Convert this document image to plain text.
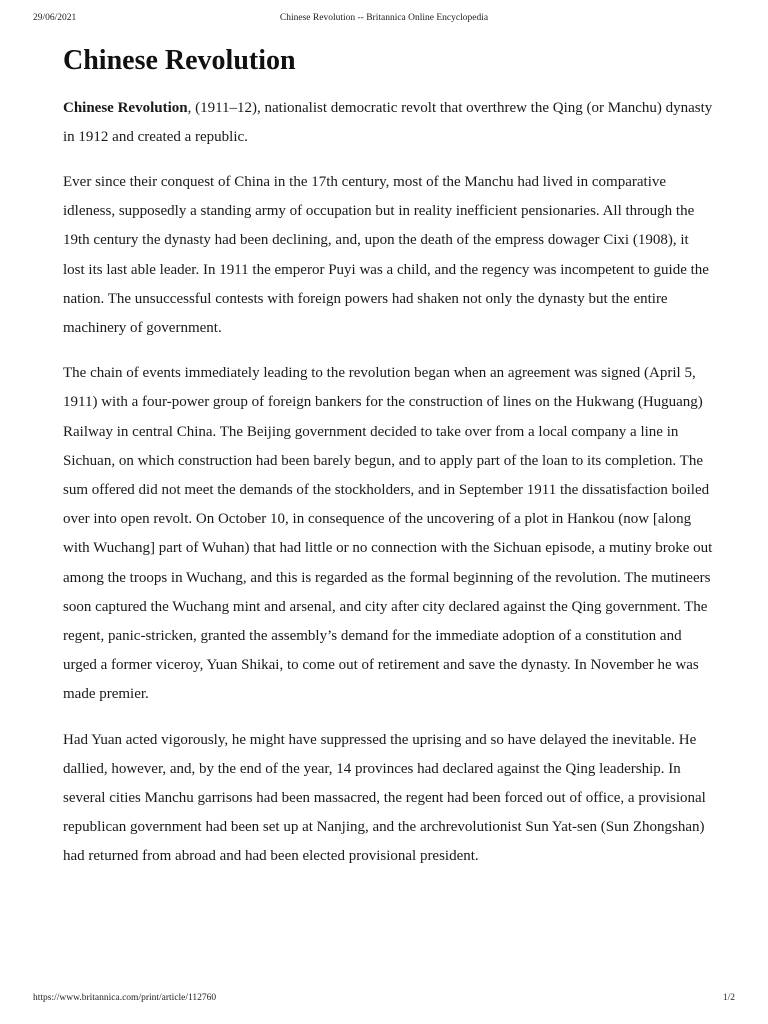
29/06/2021	Chinese Revolution -- Britannica Online Encyclopedia
Chinese Revolution

Chinese Revolution, (1911–12), nationalist democratic revolt that overthrew the Qing (or Manchu) dynasty in 1912 and created a republic.

Ever since their conquest of China in the 17th century, most of the Manchu had lived in comparative idleness, supposedly a standing army of occupation but in reality inefficient pensionaries. All through the 19th century the dynasty had been declining, and, upon the death of the empress dowager Cixi (1908), it lost its last able leader. In 1911 the emperor Puyi was a child, and the regency was incompetent to guide the nation. The unsuccessful contests with foreign powers had shaken not only the dynasty but the entire machinery of government.

The chain of events immediately leading to the revolution began when an agreement was signed (April 5, 1911) with a four-power group of foreign bankers for the construction of lines on the Hukwang (Huguang) Railway in central China. The Beijing government decided to take over from a local company a line in Sichuan, on which construction had been barely begun, and to apply part of the loan to its completion. The sum offered did not meet the demands of the stockholders, and in September 1911 the dissatisfaction boiled over into open revolt. On October 10, in consequence of the uncovering of a plot in Hankou (now [along with Wuchang] part of Wuhan) that had little or no connection with the Sichuan episode, a mutiny broke out among the troops in Wuchang, and this is regarded as the formal beginning of the revolution. The mutineers soon captured the Wuchang mint and arsenal, and city after city declared against the Qing government. The regent, panic-stricken, granted the assembly’s demand for the immediate adoption of a constitution and urged a former viceroy, Yuan Shikai, to come out of retirement and save the dynasty. In November he was made premier.

Had Yuan acted vigorously, he might have suppressed the uprising and so have delayed the inevitable. He dallied, however, and, by the end of the year, 14 provinces had declared against the Qing leadership. In several cities Manchu garrisons had been massacred, the regent had been forced out of office, a provisional republican government had been set up at Nanjing, and the archrevolutionist Sun Yat-sen (Sun Zhongshan) had returned from abroad and had been elected provisional president.

https://www.britannica.com/print/article/112760	1/2
